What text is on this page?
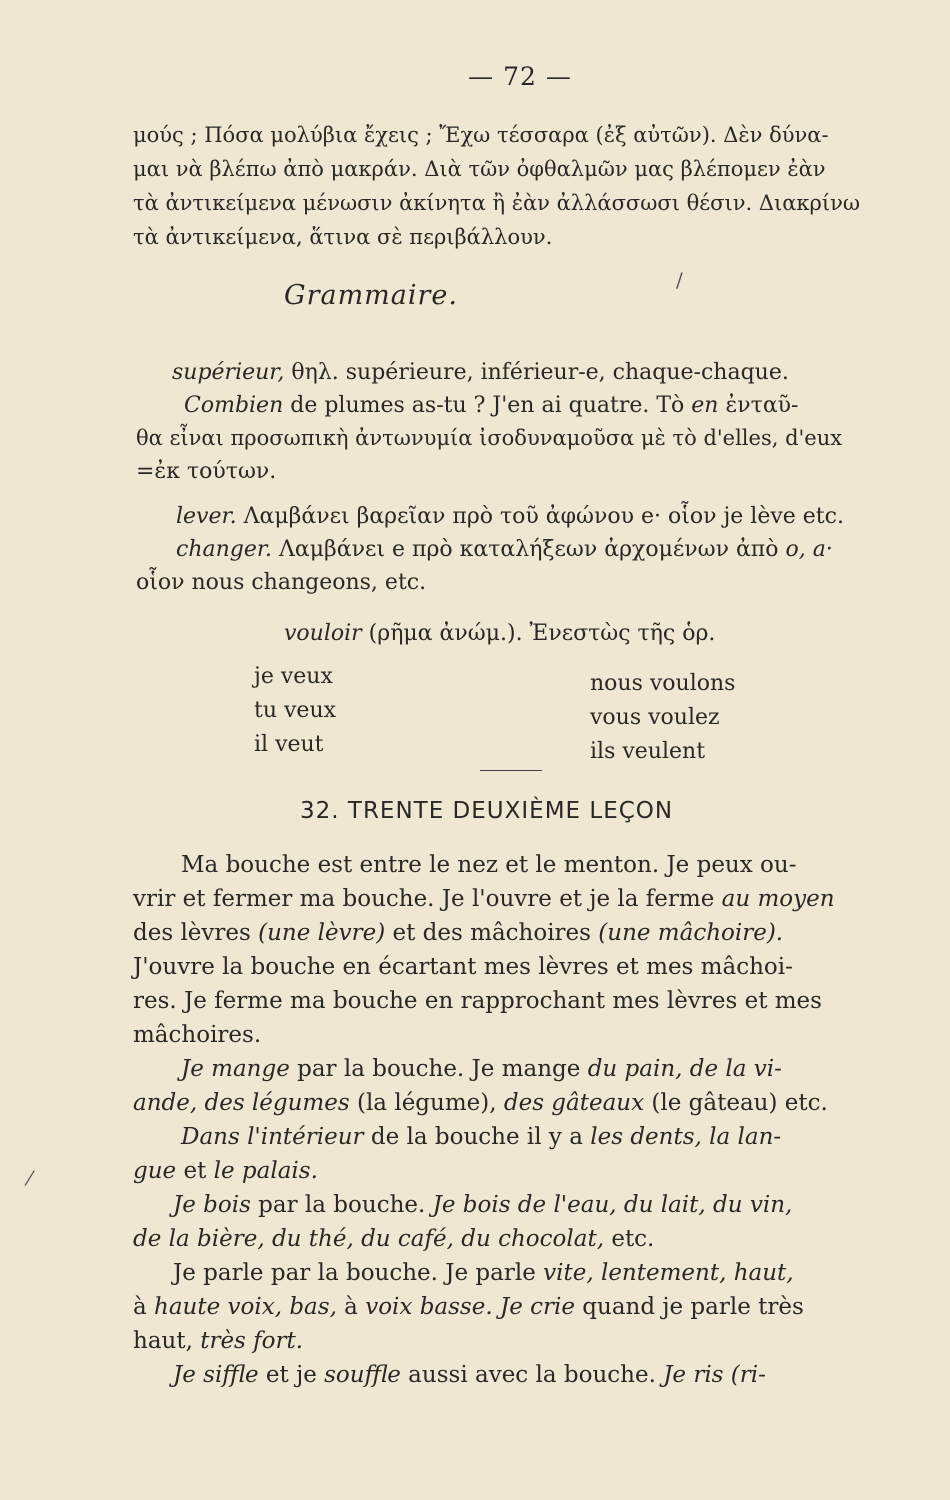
— 72 —
μούς ; Πόσα μολύβια ἔχεις ; Ἔχω τέσσαρα (ἐξ αὐτῶν). Δὲν δύνα-
μαι νὰ βλέπω ἀπὸ μακράν. Διὰ τῶν ὀφθαλμῶν μας βλέπομεν ἐὰν
τὰ ἀντικείμενα μένωσιν ἀκίνητα ἢ ἐὰν ἀλλάσσωσι θέσιν. Διακρίνω
τὰ ἀντικείμενα, ἅτινα σὲ περιβάλλουν.
Grammaire.	/
supérieur, θηλ. supérieure, inférieur-e, chaque-chaque.
Combien de plumes as-tu ? J'en ai quatre. Τὸ en ἐνταῦ-
θα εἶναι προσωπικὴ ἀντωνυμία ἰσοδυναμοῦσα μὲ τὸ d'elles, d'eux
=ἐκ τούτων.
lever. Λαμβάνει βαρεῖαν πρὸ τοῦ ἀφώνου e· οἷον je lève etc.
changer. Λαμβάνει e πρὸ καταλήξεων ἀρχομένων ἀπὸ o, a·
οἷον nous changeons, etc.
vouloir (ρῆμα ἀνώμ.). Ἐνεστὼς τῆς ὁρ.
je veux
tu veux
il veut
nous voulons
vous voulez
ils veulent
32. TRENTE DEUXIÈME LEÇON
Ma bouche est entre le nez et le menton. Je peux ou-
vrir et fermer ma bouche. Je l'ouvre et je la ferme au moyen
des lèvres (une lèvre) et des mâchoires (une mâchoire).
J'ouvre la bouche en écartant mes lèvres et mes mâchoi-
res. Je ferme ma bouche en rapprochant mes lèvres et mes
mâchoires.
Je mange par la bouche. Je mange du pain, de la vi-
ande, des légumes (la légume), des gâteaux (le gâteau) etc.
Dans l'intérieur de la bouche il y a les dents, la lan-
gue et le palais.
Je bois par la bouche. Je bois de l'eau, du lait, du vin,
de la bière, du thé, du café, du chocolat, etc.
Je parle par la bouche. Je parle vite, lentement, haut,
à haute voix, bas, à voix basse. Je crie quand je parle très
haut, très fort.
Je siffle et je souffle aussi avec la bouche. Je ris (ri-
⁄
